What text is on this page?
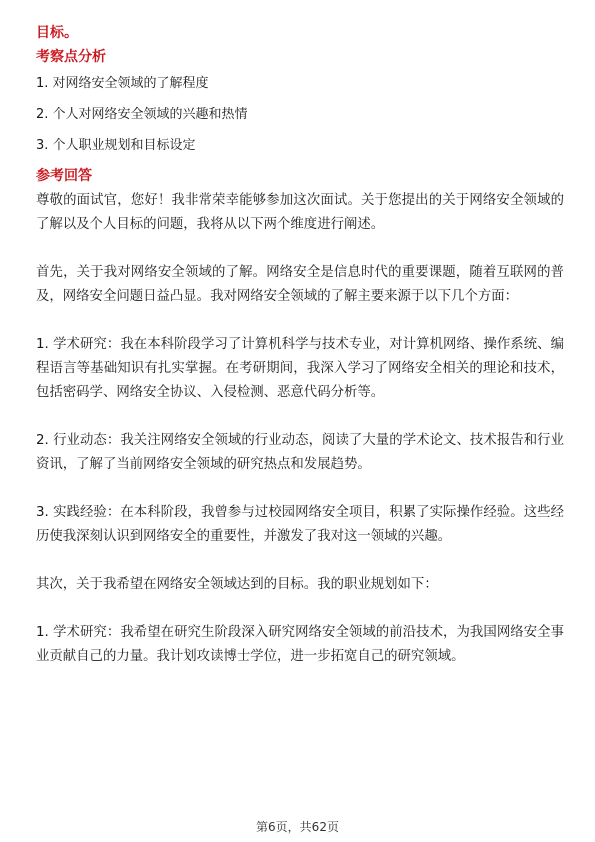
目标。
考察点分析
1. 对网络安全领域的了解程度
2. 个人对网络安全领域的兴趣和热情
3. 个人职业规划和目标设定
参考回答

尊敬的面试官，您好！我非常荣幸能够参加这次面试。关于您提出的关于网络安全领域的了解以及个人目标的问题，我将从以下两个维度进行阐述。

首先，关于我对网络安全领域的了解。网络安全是信息时代的重要课题，随着互联网的普及，网络安全问题日益凸显。我对网络安全领域的了解主要来源于以下几个方面：

1. 学术研究：我在本科阶段学习了计算机科学与技术专业，对计算机网络、操作系统、编程语言等基础知识有扎实掌握。在考研期间，我深入学习了网络安全相关的理论和技术，包括密码学、网络安全协议、入侵检测、恶意代码分析等。

2. 行业动态：我关注网络安全领域的行业动态，阅读了大量的学术论文、技术报告和行业资讯，了解了当前网络安全领域的研究热点和发展趋势。

3. 实践经验：在本科阶段，我曾参与过校园网络安全项目，积累了实际操作经验。这些经历使我深刻认识到网络安全的重要性，并激发了我对这一领域的兴趣。

其次，关于我希望在网络安全领域达到的目标。我的职业规划如下：

1. 学术研究：我希望在研究生阶段深入研究网络安全领域的前沿技术，为我国网络安全事业贡献自己的力量。我计划攻读博士学位，进一步拓宽自己的研究领域。

第6页，共62页
